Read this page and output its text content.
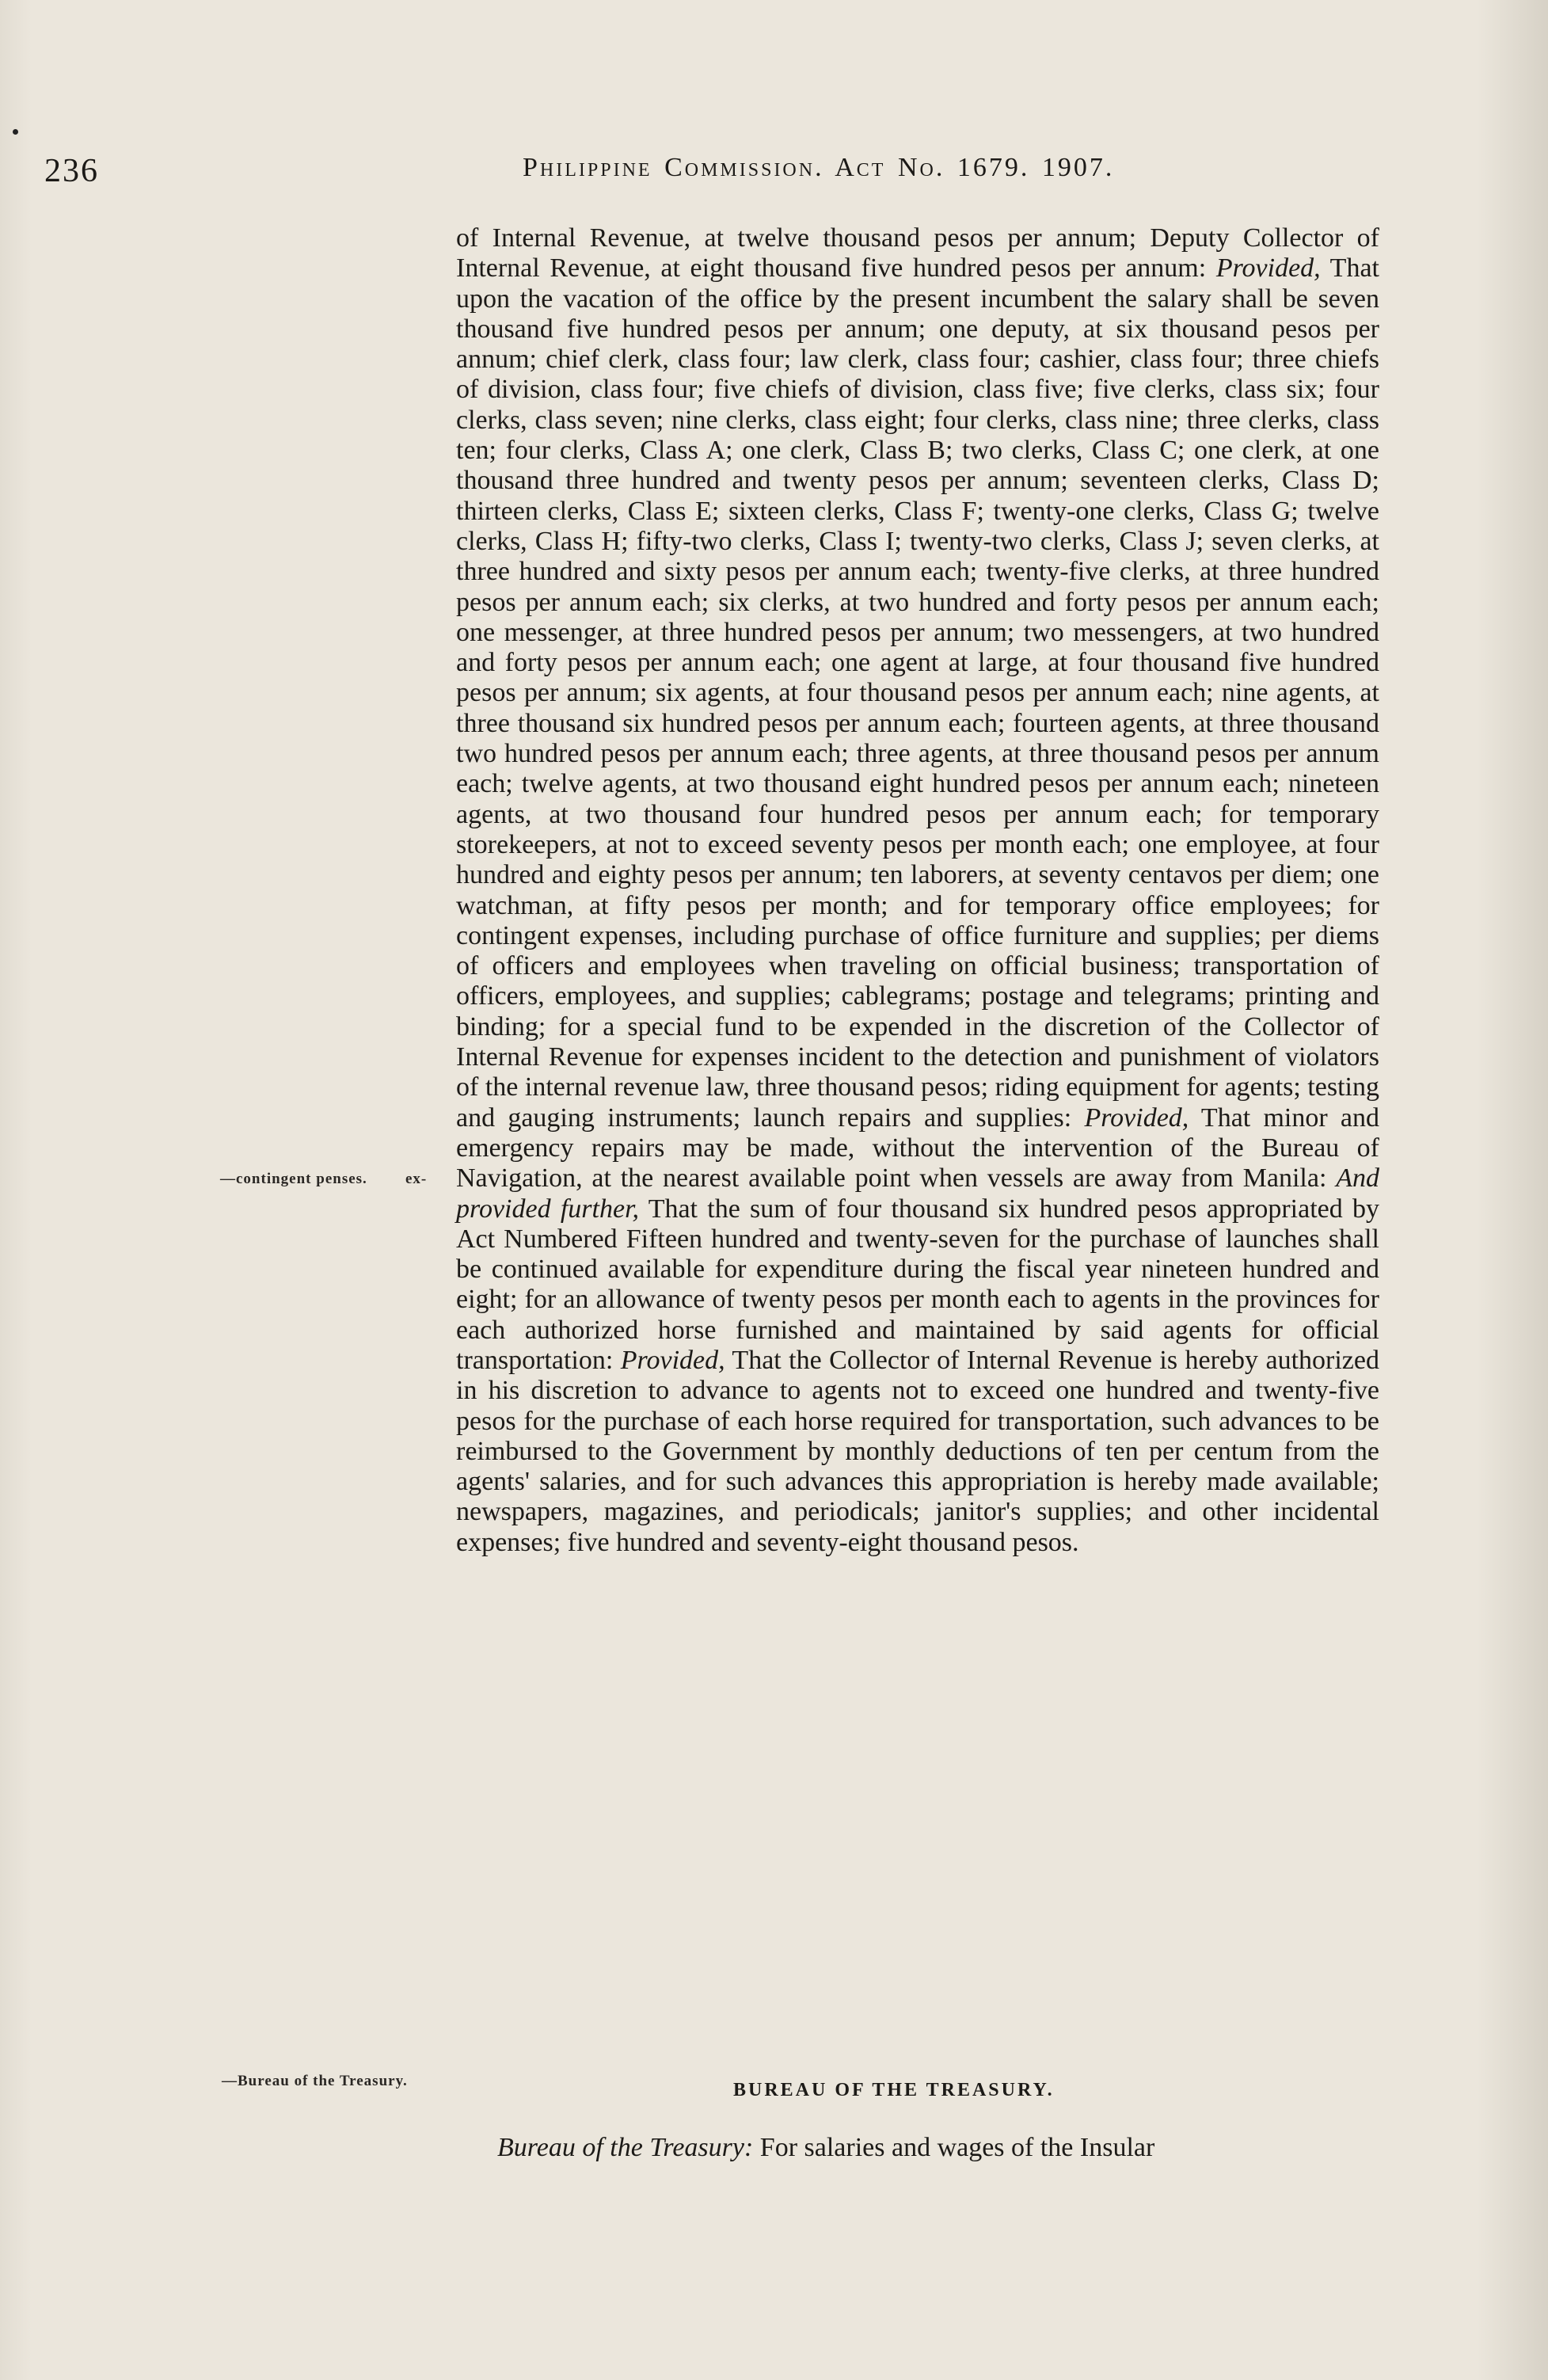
236	Philippine Commission. Act No. 1679. 1907.

of Internal Revenue, at twelve thousand pesos per annum; Deputy Collector of Internal Revenue, at eight thousand five hundred pesos per annum: Provided, That upon the vacation of the office by the present incumbent the salary shall be seven thousand five hundred pesos per annum; one deputy, at six thousand pesos per annum; chief clerk, class four; law clerk, class four; cashier, class four; three chiefs of division, class four; five chiefs of division, class five; five clerks, class six; four clerks, class seven; nine clerks, class eight; four clerks, class nine; three clerks, class ten; four clerks, Class A; one clerk, Class B; two clerks, Class C; one clerk, at one thousand three hundred and twenty pesos per annum; seventeen clerks, Class D; thirteen clerks, Class E; sixteen clerks, Class F; twenty-one clerks, Class G; twelve clerks, Class H; fifty-two clerks, Class I; twenty-two clerks, Class J; seven clerks, at three hundred and sixty pesos per annum each; twenty-five clerks, at three hundred pesos per annum each; six clerks, at two hundred and forty pesos per annum each; one messenger, at three hundred pesos per annum; two messengers, at two hundred and forty pesos per annum each; one agent at large, at four thousand five hundred pesos per annum; six agents, at four thousand pesos per annum each; nine agents, at three thousand six hundred pesos per annum each; fourteen agents, at three thousand two hundred pesos per annum each; three agents, at three thousand pesos per annum each; twelve agents, at two thousand eight hundred pesos per annum each; nineteen agents, at two thousand four hundred pesos per annum each; for temporary storekeepers, at not to exceed seventy pesos per month each; one employee, at four hundred and eighty pesos per annum; ten laborers, at seventy centavos per diem; one watchman, at fifty pesos per month; and for temporary office employees; for contingent expenses, including purchase of office furniture and supplies; per diems of officers and employees when traveling on official business; transportation of officers, employees, and supplies; cablegrams; postage and telegrams; printing and binding; for a special fund to be expended in the discretion of the Collector of Internal Revenue for expenses incident to the detection and punishment of violators of the internal revenue law, three thousand pesos; riding equipment for agents; testing and gauging instruments; launch repairs and supplies: Provided, That minor and emergency repairs may be made, without the intervention of the Bureau of Navigation, at the nearest available point when vessels are away from Manila: And provided further, That the sum of four thousand six hundred pesos appropriated by Act Numbered Fifteen hundred and twenty-seven for the purchase of launches shall be continued available for expenditure during the fiscal year nineteen hundred and eight; for an allowance of twenty pesos per month each to agents in the provinces for each authorized horse furnished and maintained by said agents for official transportation: Provided, That the Collector of Internal Revenue is hereby authorized in his discretion to advance to agents not to exceed one hundred and twenty-five pesos for the purchase of each horse required for transportation, such advances to be reimbursed to the Government by monthly deductions of ten per centum from the agents' salaries, and for such advances this appropriation is hereby made available; newspapers, magazines, and periodicals; janitor's supplies; and other incidental expenses; five hundred and seventy-eight thousand pesos.

—contingent penses.	ex-
—Bureau of the Treasury.	BUREAU OF THE TREASURY.

Bureau of the Treasury: For salaries and wages of the Insular
